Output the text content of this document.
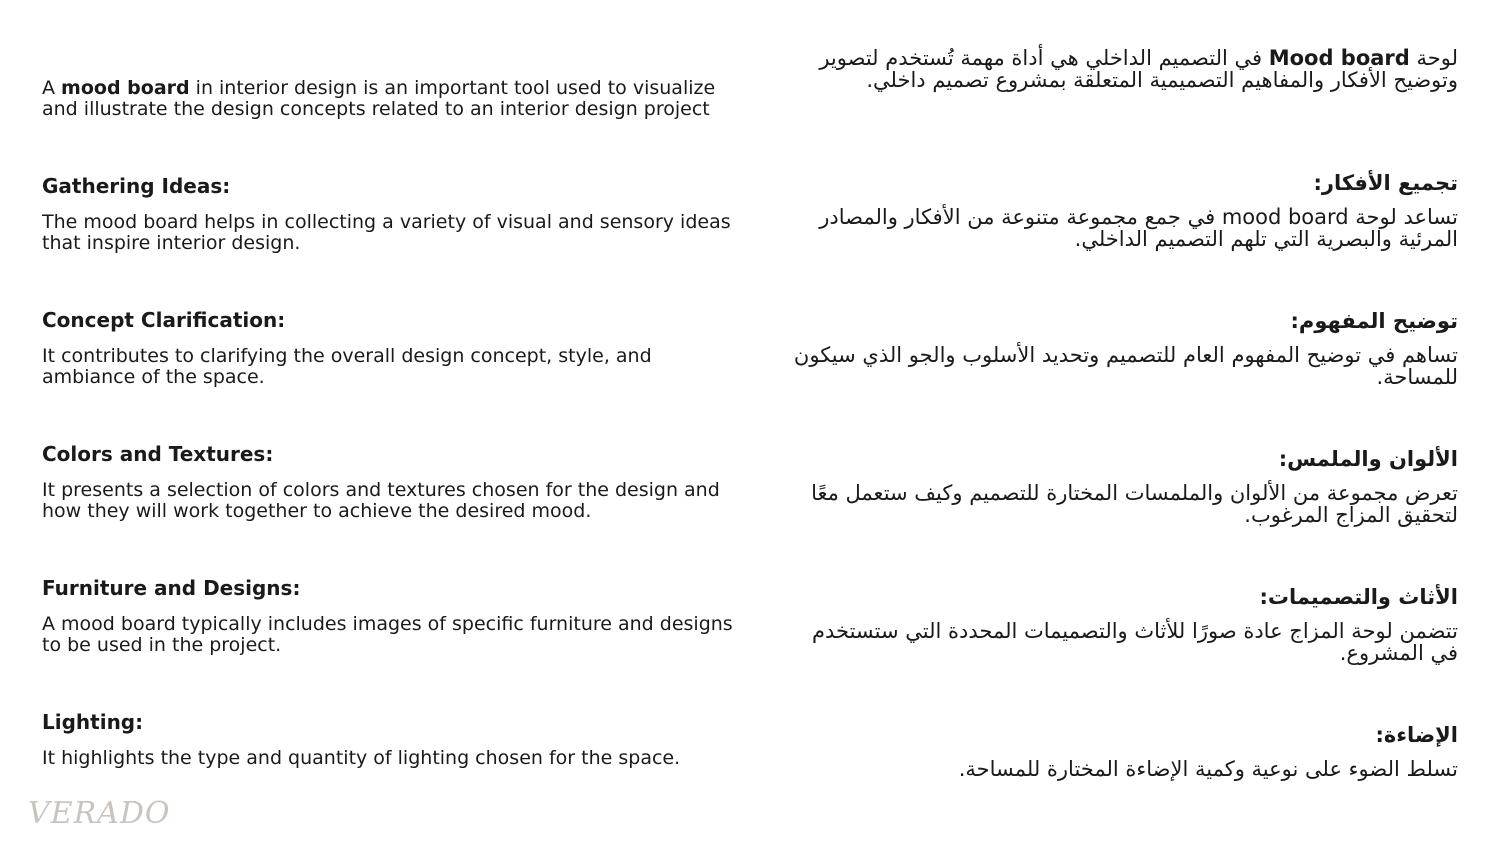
A mood board in interior design is an important tool used to visualize and illustrate the design concepts related to an interior design project

Gathering Ideas:

The mood board helps in collecting a variety of visual and sensory ideas that inspire interior design.

Concept Clarification:

It contributes to clarifying the overall design concept, style, and ambiance of the space.

Colors and Textures:

It presents a selection of colors and textures chosen for the design and how they will work together to achieve the desired mood.

Furniture and Designs:

A mood board typically includes images of specific furniture and designs to be used in the project.

Lighting:

It highlights the type and quantity of lighting chosen for the space.

لوحة Mood board في التصميم الداخلي هي أداة مهمة تُستخدم لتصوير وتوضيح الأفكار والمفاهيم التصميمية المتعلقة بمشروع تصميم داخلي.

تجميع الأفكار:

تساعد لوحة mood board في جمع مجموعة متنوعة من الأفكار والمصادر المرئية والبصرية التي تلهم التصميم الداخلي.

توضيح المفهوم:

تساهم في توضيح المفهوم العام للتصميم وتحديد الأسلوب والجو الذي سيكون للمساحة.

الألوان والملمس:

تعرض مجموعة من الألوان والملمسات المختارة للتصميم وكيف ستعمل معًا لتحقيق المزاج المرغوب.

الأثاث والتصميمات:

تتضمن لوحة المزاج عادة صورًا للأثاث والتصميمات المحددة التي ستستخدم في المشروع.

الإضاءة:

تسلط الضوء على نوعية وكمية الإضاءة المختارة للمساحة.

VERADO
